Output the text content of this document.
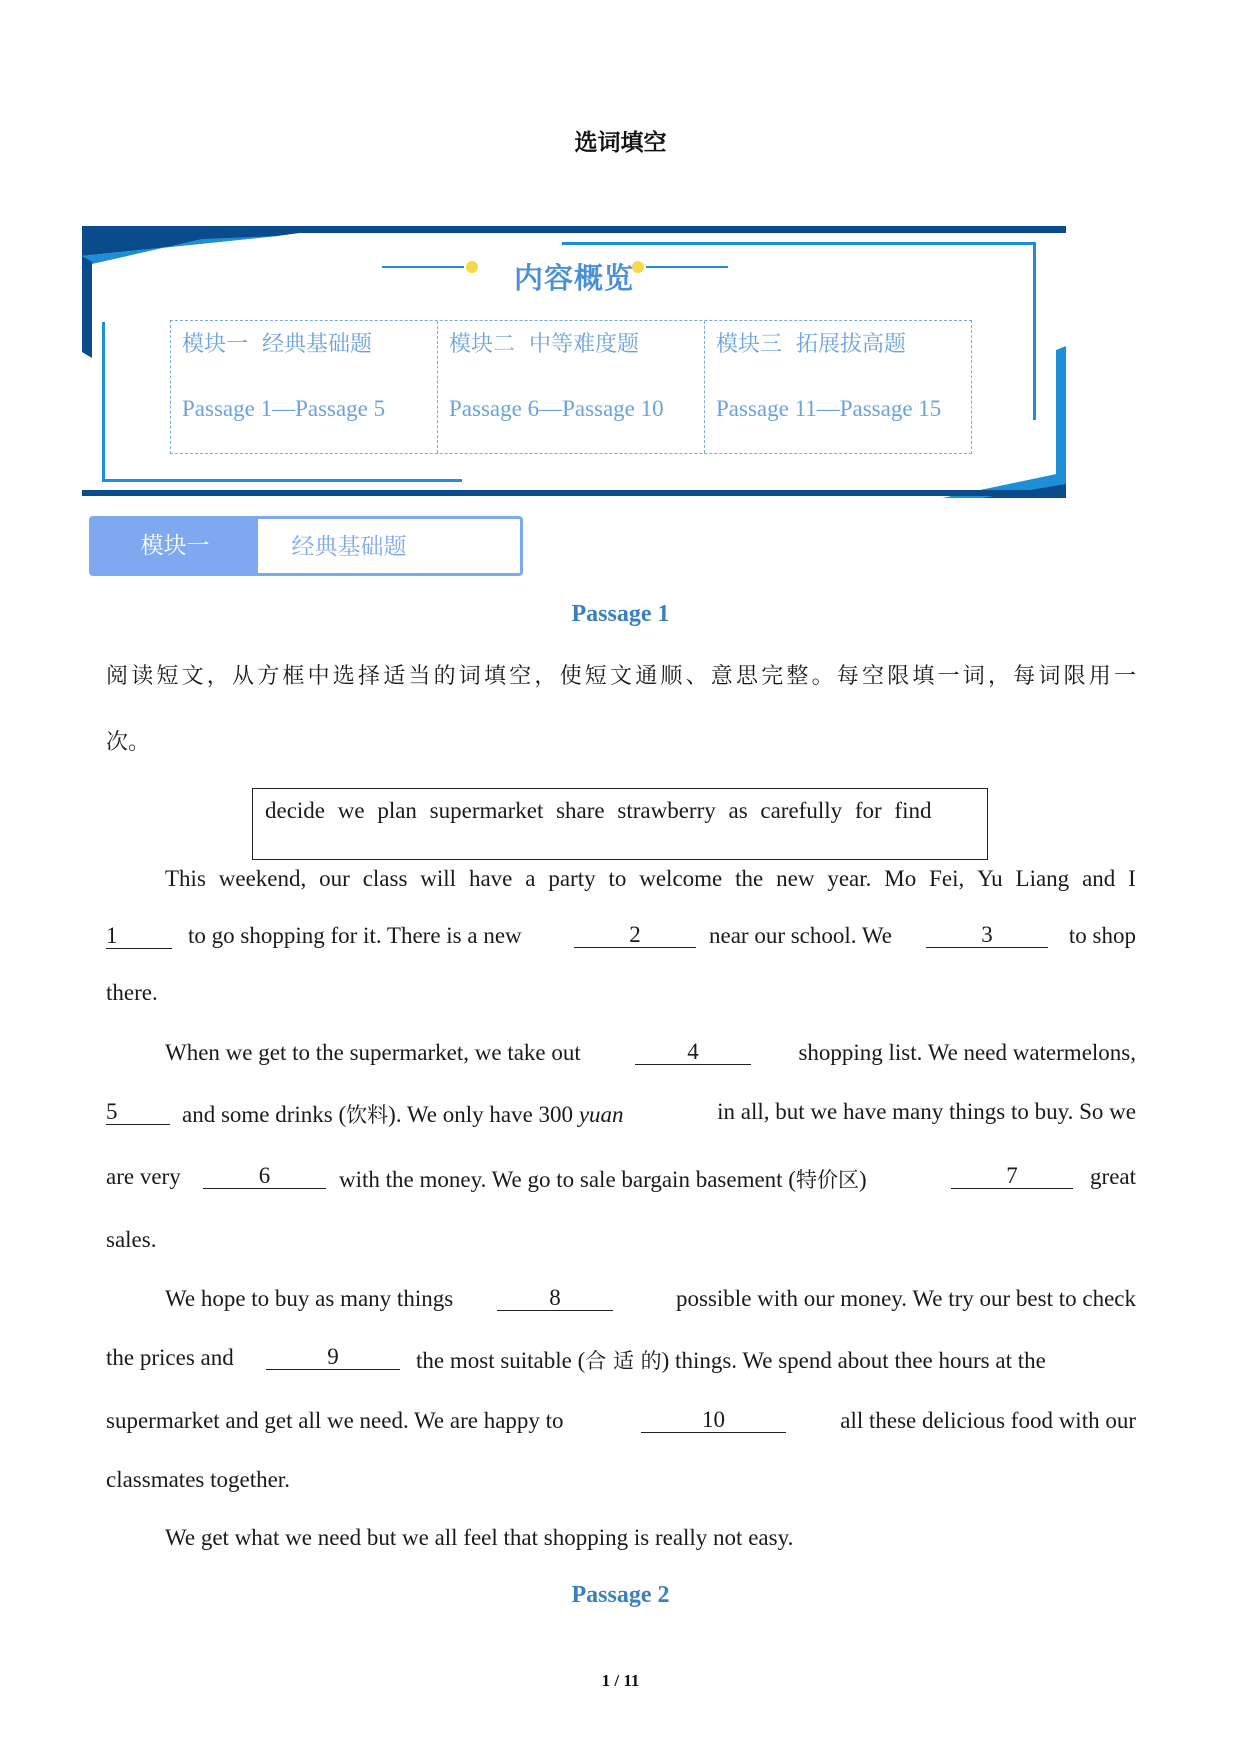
选词填空
内容概览
模块一  经典基础题
Passage 1—Passage 5
模块二  中等难度题
Passage 6—Passage 10
模块三  拓展拔高题
Passage 11—Passage 15
模块一	经典基础题
Passage 1
阅读短文，从方框中选择适当的词填空，使短文通顺、意思完整。每空限填一词，每词限用一
次。
decide we plan supermarket share strawberry as carefully for find
This weekend, our class will have a party to welcome the new year. Mo Fei, Yu Liang and I
1	to go shopping for it. There is a new	2	near our school. We	3	to shop
there.
When we get to the supermarket, we take out	4	shopping list. We need watermelons,
5	and some drinks (饮料). We only have 300 yuan	in all, but we have many things to buy. So we
are very	6	with the money. We go to sale bargain basement (特价区)	7	great
sales.
We hope to buy as many things	8	possible with our money. We try our best to check
the prices and	9	the most suitable (合 适 的) things. We spend about thee hours at the
supermarket and get all we need. We are happy to	10	all these delicious food with our
classmates together.
We get what we need but we all feel that shopping is really not easy.
Passage 2
1 / 11
